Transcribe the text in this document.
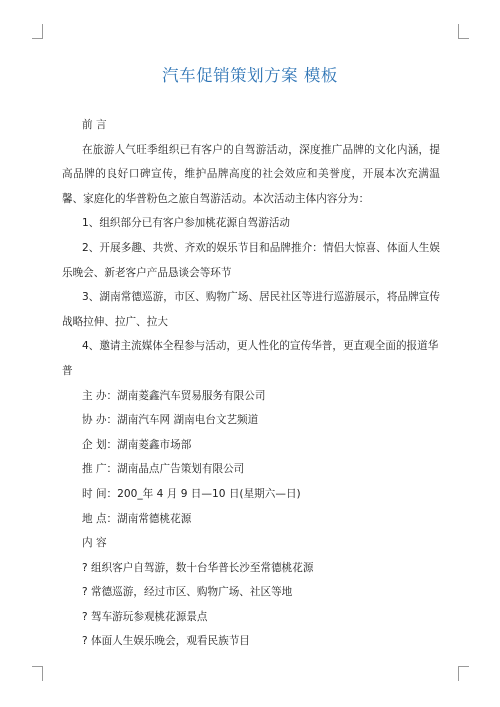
汽车促销策划方案 模板

前 言

在旅游人气旺季组织已有客户的自驾游活动，深度推广品牌的文化内涵，提高品牌的良好口碑宣传，维护品牌高度的社会效应和美誉度，开展本次充满温馨、家庭化的华普粉色之旅自驾游活动。本次活动主体内容分为：

1、组织部分已有客户参加桃花源自驾游活动

2、开展多趣、共赏、齐欢的娱乐节目和品牌推介：情侣大惊喜、体面人生娱乐晚会、新老客户产品恳谈会等环节

3、湖南常德巡游，市区、购物广场、居民社区等进行巡游展示，将品牌宣传战略拉伸、拉广、拉大

4、邀请主流媒体全程参与活动，更人性化的宣传华普，更直观全面的报道华普

主 办：湖南菱鑫汽车贸易服务有限公司

协 办：湖南汽车网 湖南电台文艺频道

企 划：湖南菱鑫市场部

推 广：湖南晶点广告策划有限公司

时 间：200_年 4 月 9 日—10 日(星期六—日)

地 点：湖南常德桃花源

内 容

? 组织客户自驾游，数十台华普长沙至常德桃花源

? 常德巡游，经过市区、购物广场、社区等地

? 驾车游玩参观桃花源景点

? 体面人生娱乐晚会，观看民族节目
